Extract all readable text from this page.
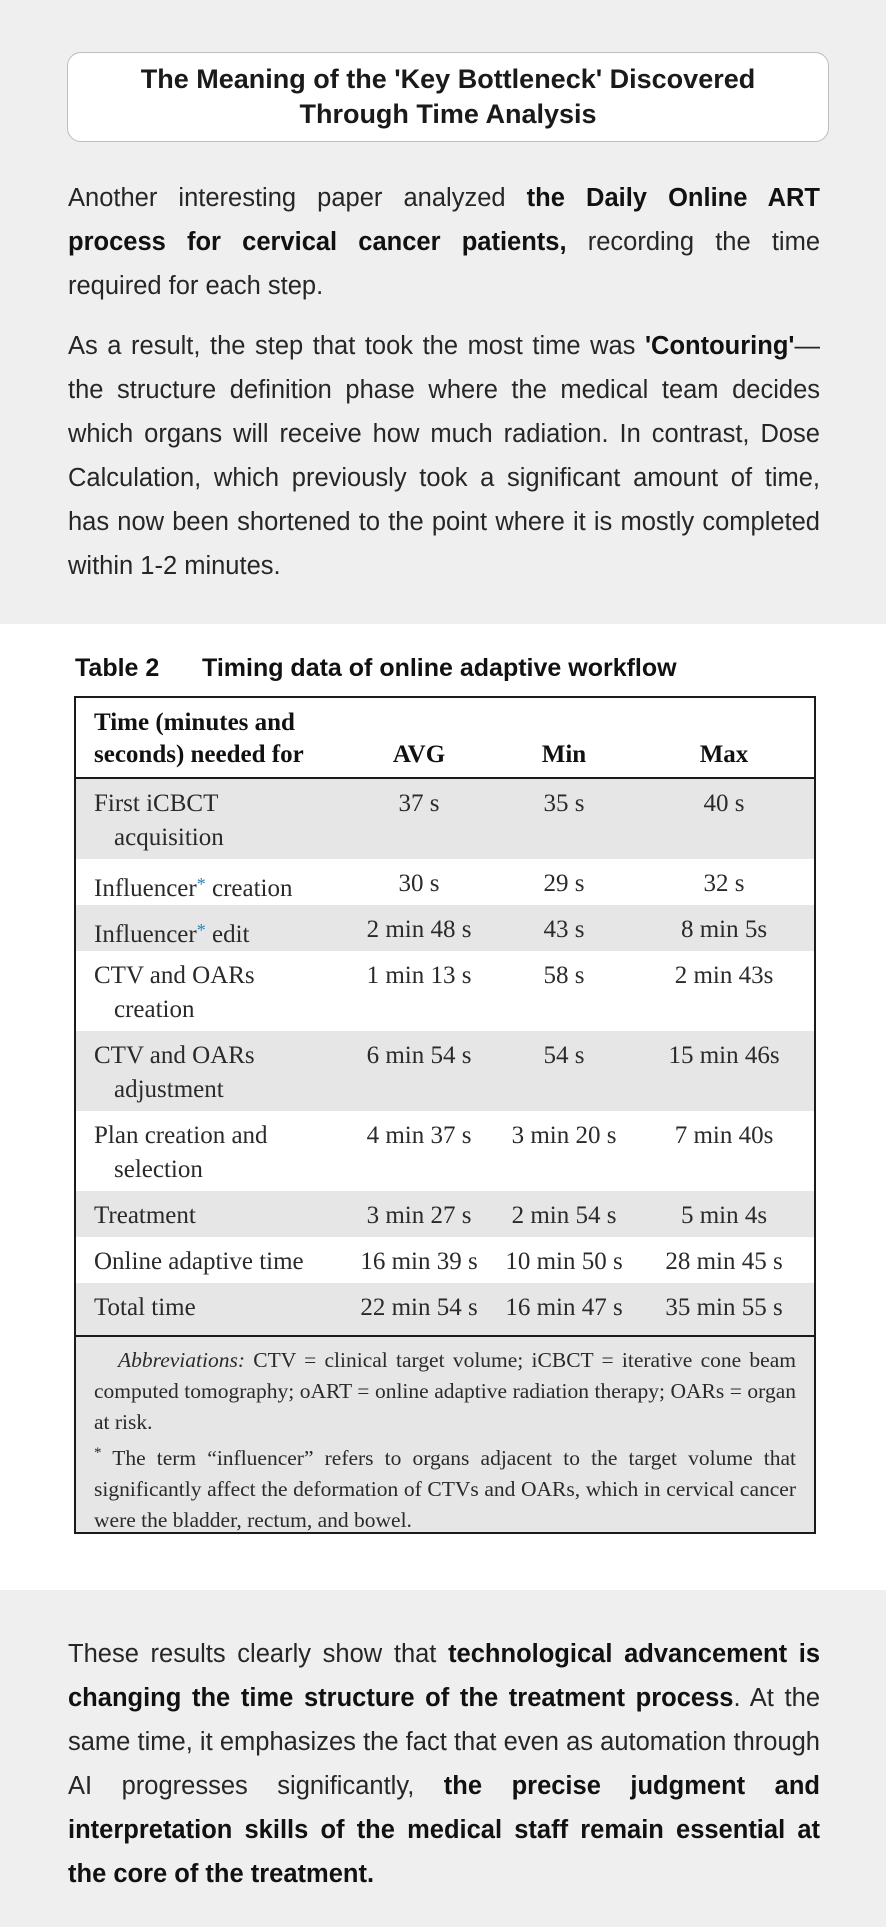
The Meaning of the 'Key Bottleneck' Discovered
Through Time Analysis

Another interesting paper analyzed the Daily Online ART process for cervical cancer patients, recording the time required for each step.

As a result, the step that took the most time was 'Contouring'—the structure definition phase where the medical team decides which organs will receive how much radiation. In contrast, Dose Calculation, which previously took a significant amount of time, has now been shortened to the point where it is mostly completed within 1-2 minutes.

Table 2 Timing data of online adaptive workflow
Time (minutes and
seconds) needed for	AVG	Min	Max
First iCBCT
acquisition
37 s	35 s	40 s
Influencer* creation	30 s	29 s	32 s
Influencer* edit	2 min 48 s	43 s	8 min 5s
CTV and OARs
creation
1 min 13 s	58 s	2 min 43s
CTV and OARs
adjustment
6 min 54 s	54 s	15 min 46s
Plan creation and
selection
4 min 37 s	3 min 20 s	7 min 40s
Treatment	3 min 27 s	2 min 54 s	5 min 4s
Online adaptive time	16 min 39 s	10 min 50 s	28 min 45 s
Total time	22 min 54 s	16 min 47 s	35 min 55 s

Abbreviations: CTV = clinical target volume; iCBCT = iterative cone beam computed tomography; oART = online adaptive radiation therapy; OARs = organ at risk.

* The term “influencer” refers to organs adjacent to the target volume that significantly affect the deformation of CTVs and OARs, which in cervical cancer were the bladder, rectum, and bowel.

These results clearly show that technological advancement is changing the time structure of the treatment process. At the same time, it emphasizes the fact that even as automation through AI progresses significantly, the precise judgment and interpretation skills of the medical staff remain essential at the core of the treatment.
